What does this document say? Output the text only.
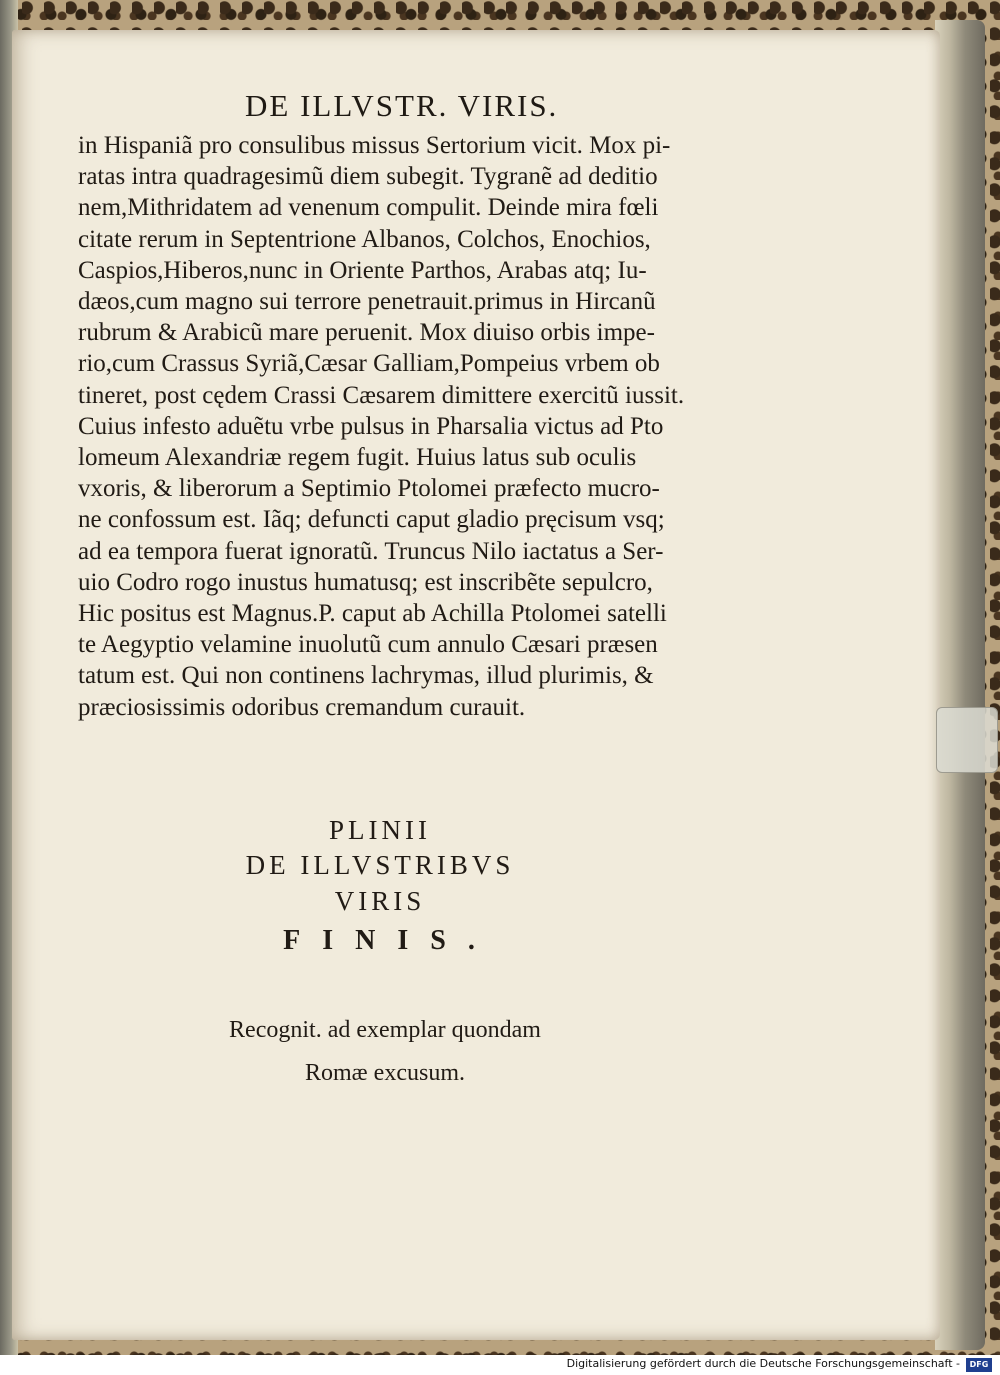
DE ILLVSTR. VIRIS.
in Hispaniã pro consulibus missus Sertorium vicit. Mox pi-
ratas intra quadragesimũ diem subegit. Tygranẽ ad deditio
nem,Mithridatem ad venenum compulit. Deinde mira fœli
citate rerum in Septentrione Albanos, Colchos, Enochios,
Caspios,Hiberos,nunc in Oriente Parthos, Arabas atq; Iu-
dæos,cum magno sui terrore penetrauit.primus in Hircanũ
rubrum & Arabicũ mare peruenit. Mox diuiso orbis impe-
rio,cum Crassus Syriã,Cæsar Galliam,Pompeius vrbem ob
tineret, post cędem Crassi Cæsarem dimittere exercitũ iussit.
Cuius infesto aduẽtu vrbe pulsus in Pharsalia victus ad Pto
lomeum Alexandriæ regem fugit. Huius latus sub oculis
vxoris, & liberorum a Septimio Ptolomei præfecto mucro-
ne confossum est. Iãq; defuncti caput gladio pręcisum vsq;
ad ea tempora fuerat ignoratũ. Truncus Nilo iactatus a Ser-
uio Codro rogo inustus humatusq; est inscribẽte sepulcro,
Hic positus est Magnus.P. caput ab Achilla Ptolomei satelli
te Aegyptio velamine inuolutũ cum annulo Cæsari præsen
tatum est. Qui non continens lachrymas, illud plurimis, &
præciosissimis odoribus cremandum curauit.
PLINII
DE ILLVSTRIBVS
VIRIS
FINIS.
Recognit. ad exemplar quondam
Romæ excusum.
Digitalisierung gefördert durch die Deutsche Forschungsgemeinschaft -	DFG
